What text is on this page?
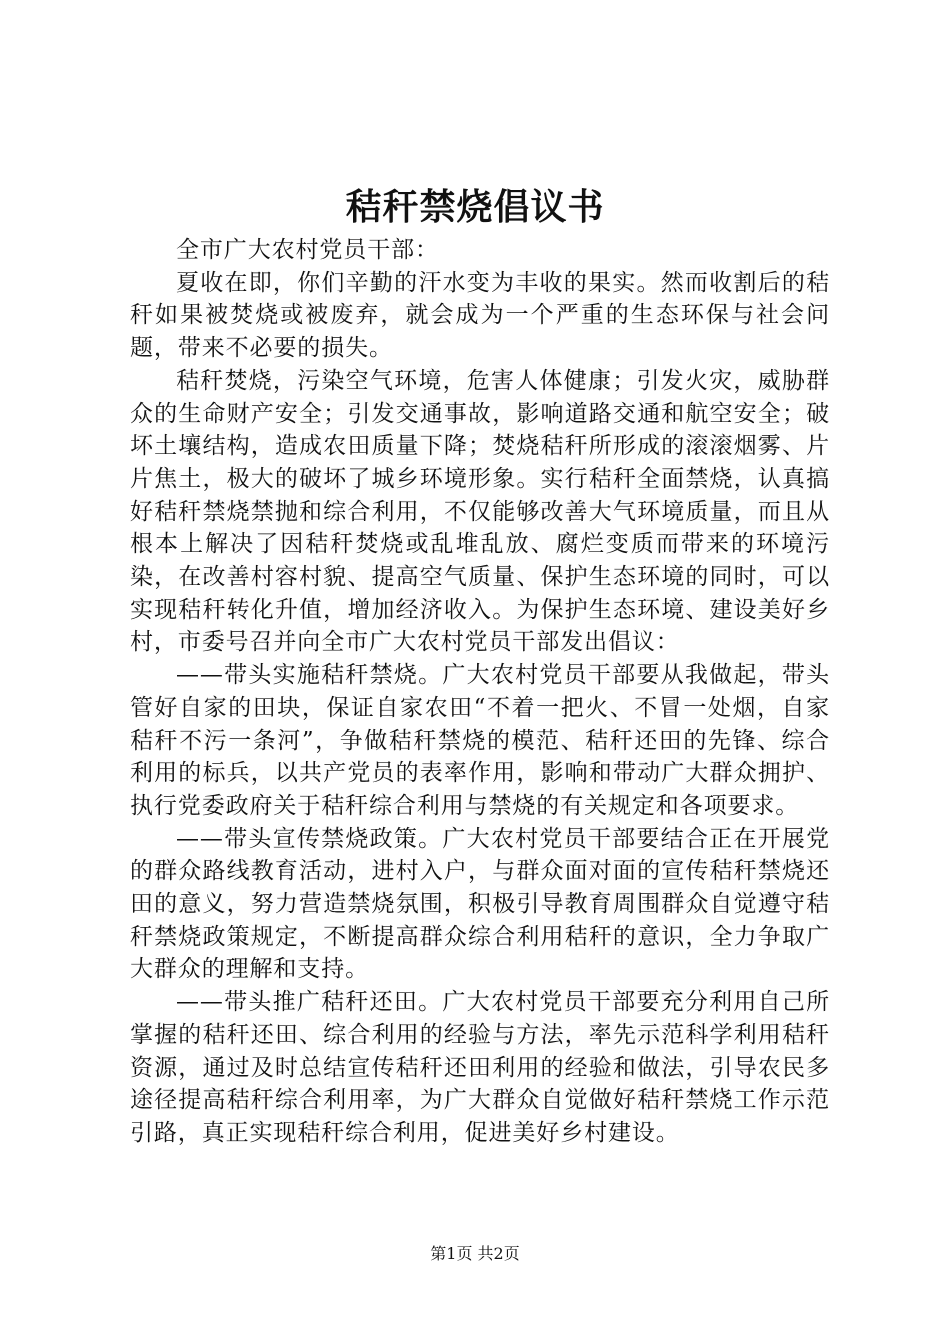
秸秆禁烧倡议书

全市广大农村党员干部：

夏收在即，你们辛勤的汗水变为丰收的果实。然而收割后的秸秆如果被焚烧或被废弃，就会成为一个严重的生态环保与社会问题，带来不必要的损失。

秸秆焚烧，污染空气环境，危害人体健康；引发火灾，威胁群众的生命财产安全；引发交通事故，影响道路交通和航空安全；破坏土壤结构，造成农田质量下降；焚烧秸秆所形成的滚滚烟雾、片片焦土，极大的破坏了城乡环境形象。实行秸秆全面禁烧，认真搞好秸秆禁烧禁抛和综合利用，不仅能够改善大气环境质量，而且从根本上解决了因秸秆焚烧或乱堆乱放、腐烂变质而带来的环境污染，在改善村容村貌、提高空气质量、保护生态环境的同时，可以实现秸秆转化升值，增加经济收入。为保护生态环境、建设美好乡村，市委号召并向全市广大农村党员干部发出倡议：

——带头实施秸秆禁烧。广大农村党员干部要从我做起，带头管好自家的田块，保证自家农田“不着一把火、不冒一处烟，自家秸秆不污一条河”，争做秸秆禁烧的模范、秸秆还田的先锋、综合利用的标兵，以共产党员的表率作用，影响和带动广大群众拥护、执行党委政府关于秸秆综合利用与禁烧的有关规定和各项要求。

——带头宣传禁烧政策。广大农村党员干部要结合正在开展党的群众路线教育活动，进村入户，与群众面对面的宣传秸秆禁烧还田的意义，努力营造禁烧氛围，积极引导教育周围群众自觉遵守秸秆禁烧政策规定，不断提高群众综合利用秸秆的意识，全力争取广大群众的理解和支持。

——带头推广秸秆还田。广大农村党员干部要充分利用自己所掌握的秸秆还田、综合利用的经验与方法，率先示范科学利用秸秆资源，通过及时总结宣传秸秆还田利用的经验和做法，引导农民多途径提高秸秆综合利用率，为广大群众自觉做好秸秆禁烧工作示范引路，真正实现秸秆综合利用，促进美好乡村建设。

第1页 共2页
